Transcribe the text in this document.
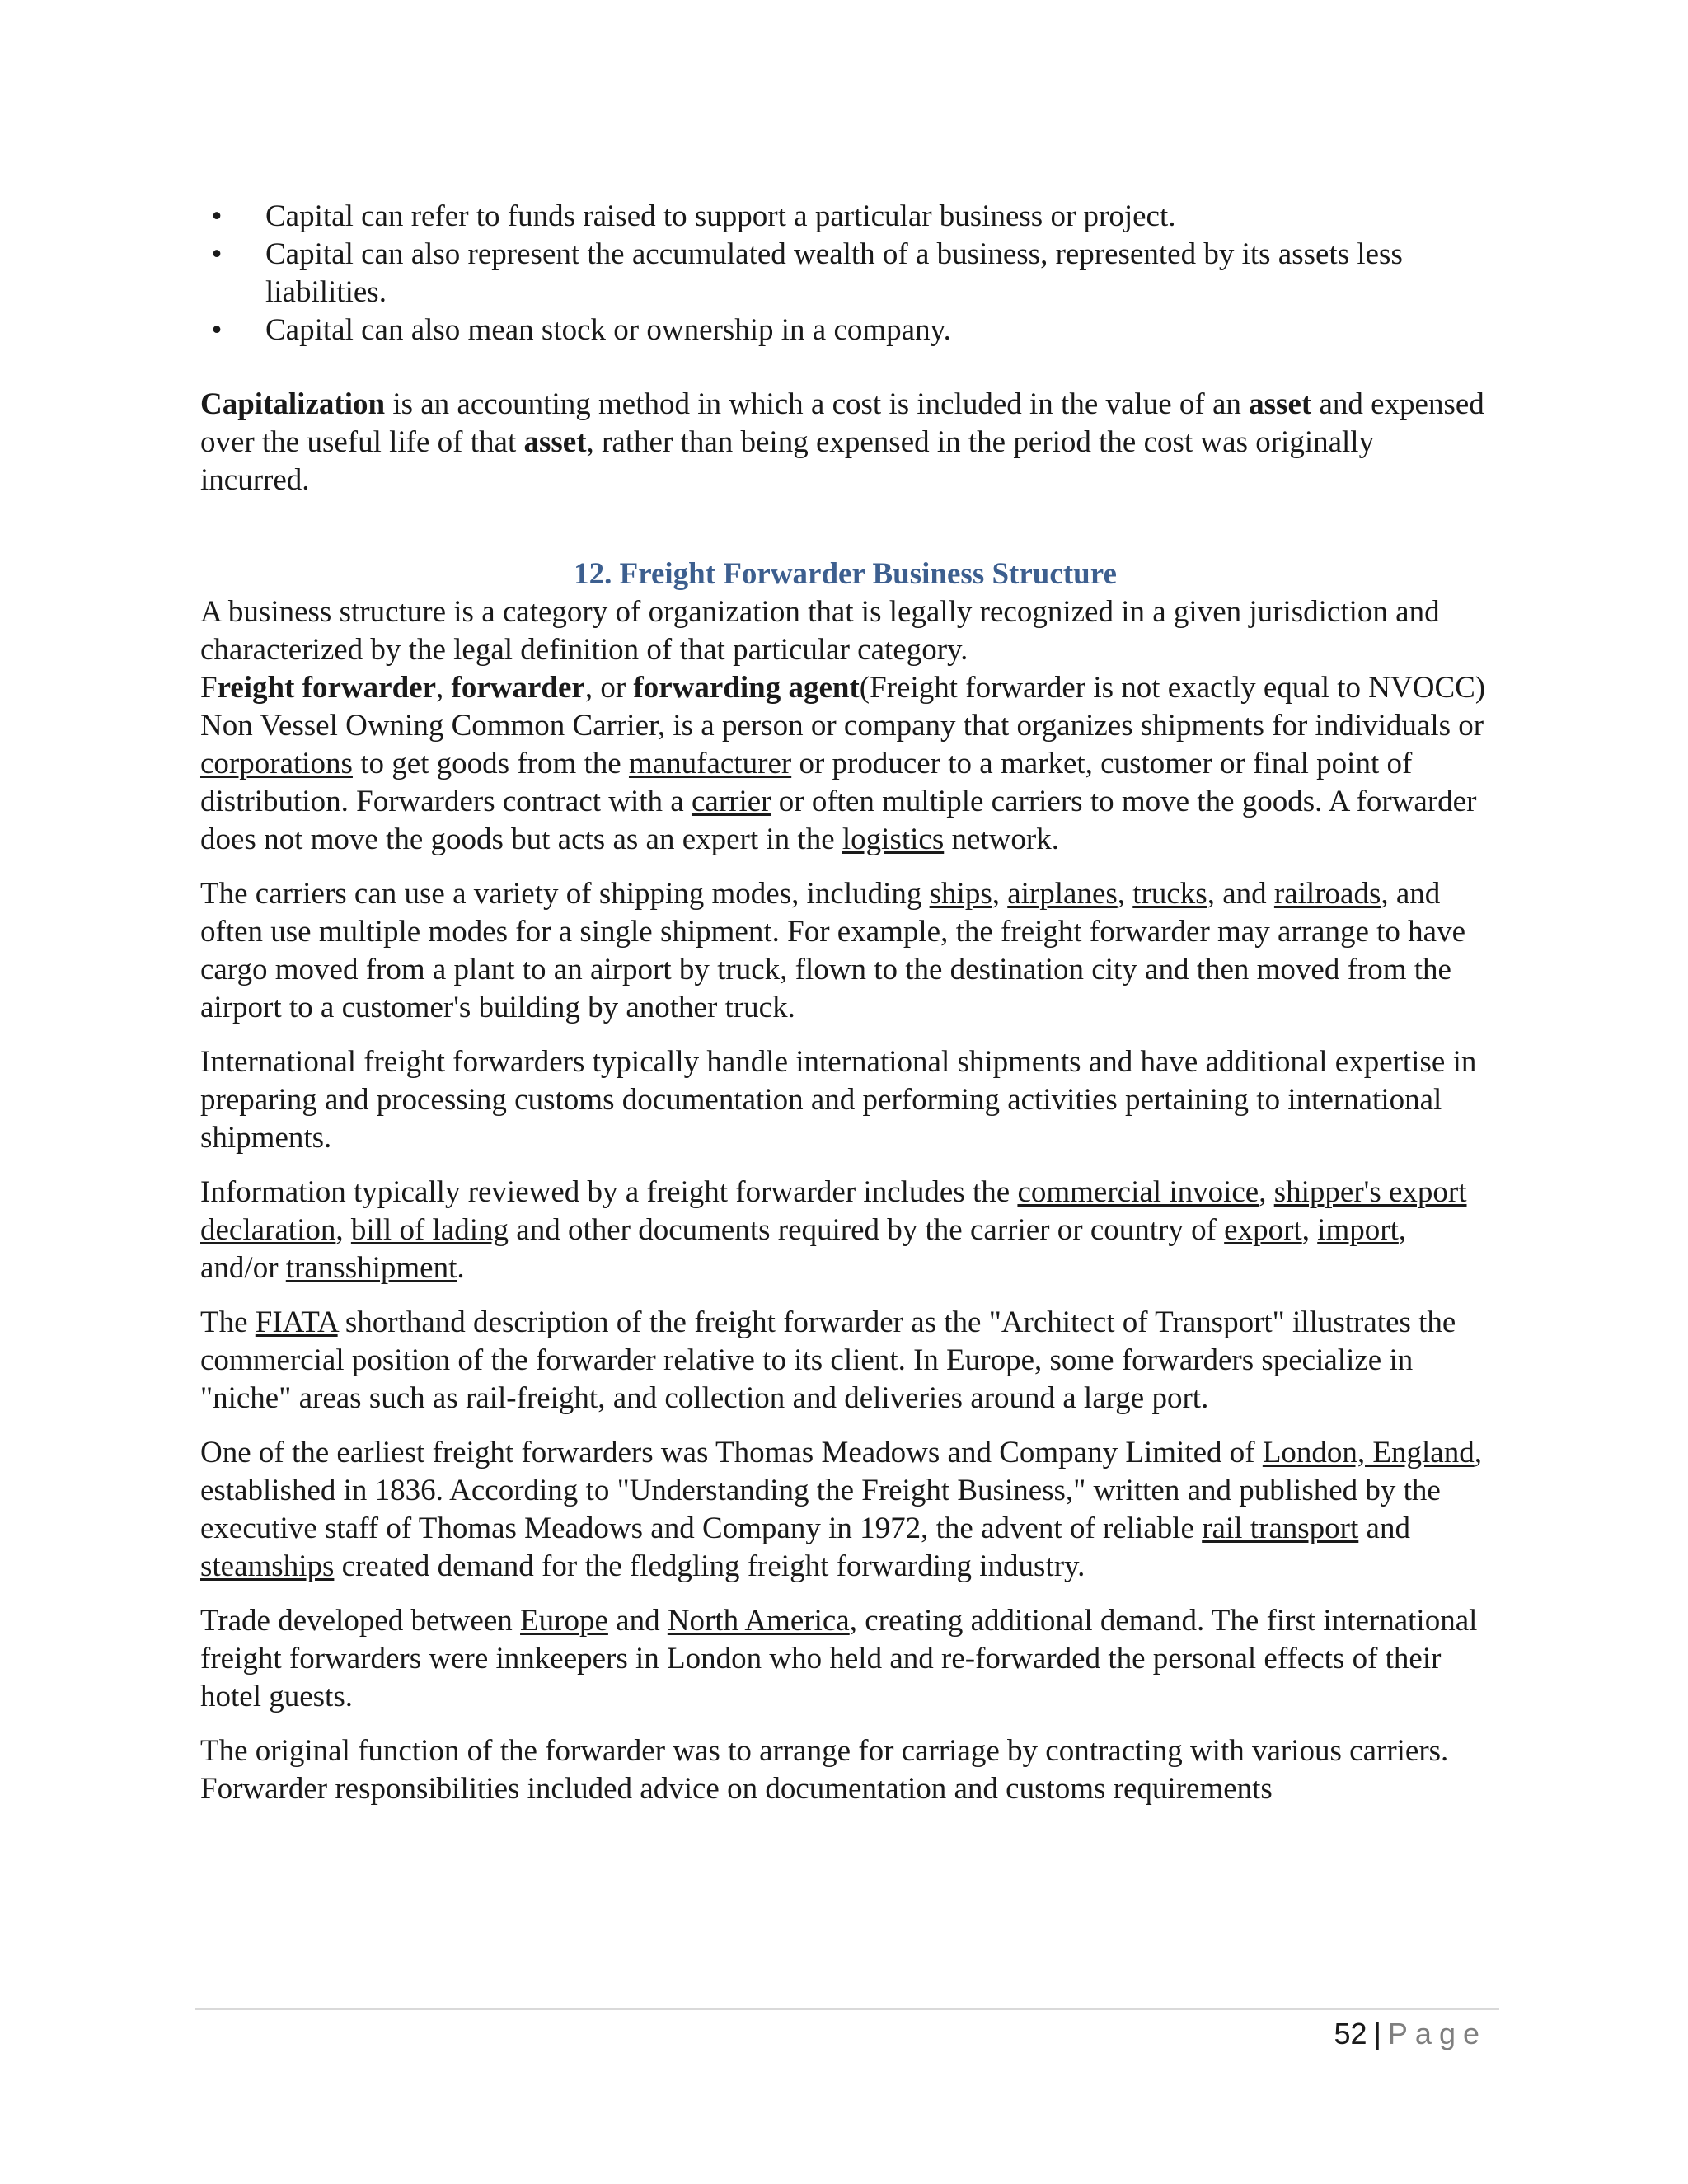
• Capital can refer to funds raised to support a particular business or project.
• Capital can also represent the accumulated wealth of a business, represented by its assets less liabilities.
• Capital can also mean stock or ownership in a company.

Capitalization is an accounting method in which a cost is included in the value of an asset and expensed over the useful life of that asset, rather than being expensed in the period the cost was originally incurred.

12. Freight Forwarder Business Structure

A business structure is a category of organization that is legally recognized in a given jurisdiction and characterized by the legal definition of that particular category.

Freight forwarder, forwarder, or forwarding agent(Freight forwarder is not exactly equal to NVOCC) Non Vessel Owning Common Carrier, is a person or company that organizes shipments for individuals or corporations to get goods from the manufacturer or producer to a market, customer or final point of distribution. Forwarders contract with a carrier or often multiple carriers to move the goods. A forwarder does not move the goods but acts as an expert in the logistics network.

The carriers can use a variety of shipping modes, including ships, airplanes, trucks, and railroads, and often use multiple modes for a single shipment. For example, the freight forwarder may arrange to have cargo moved from a plant to an airport by truck, flown to the destination city and then moved from the airport to a customer's building by another truck.

International freight forwarders typically handle international shipments and have additional expertise in preparing and processing customs documentation and performing activities pertaining to international shipments.

Information typically reviewed by a freight forwarder includes the commercial invoice, shipper's export declaration, bill of lading and other documents required by the carrier or country of export, import, and/or transshipment.

The FIATA shorthand description of the freight forwarder as the "Architect of Transport" illustrates the commercial position of the forwarder relative to its client. In Europe, some forwarders specialize in "niche" areas such as rail-freight, and collection and deliveries around a large port.

One of the earliest freight forwarders was Thomas Meadows and Company Limited of London, England, established in 1836. According to "Understanding the Freight Business," written and published by the executive staff of Thomas Meadows and Company in 1972, the advent of reliable rail transport and steamships created demand for the fledgling freight forwarding industry.

Trade developed between Europe and North America, creating additional demand. The first international freight forwarders were innkeepers in London who held and re-forwarded the personal effects of their hotel guests.

The original function of the forwarder was to arrange for carriage by contracting with various carriers. Forwarder responsibilities included advice on documentation and customs requirements

52 | Page
